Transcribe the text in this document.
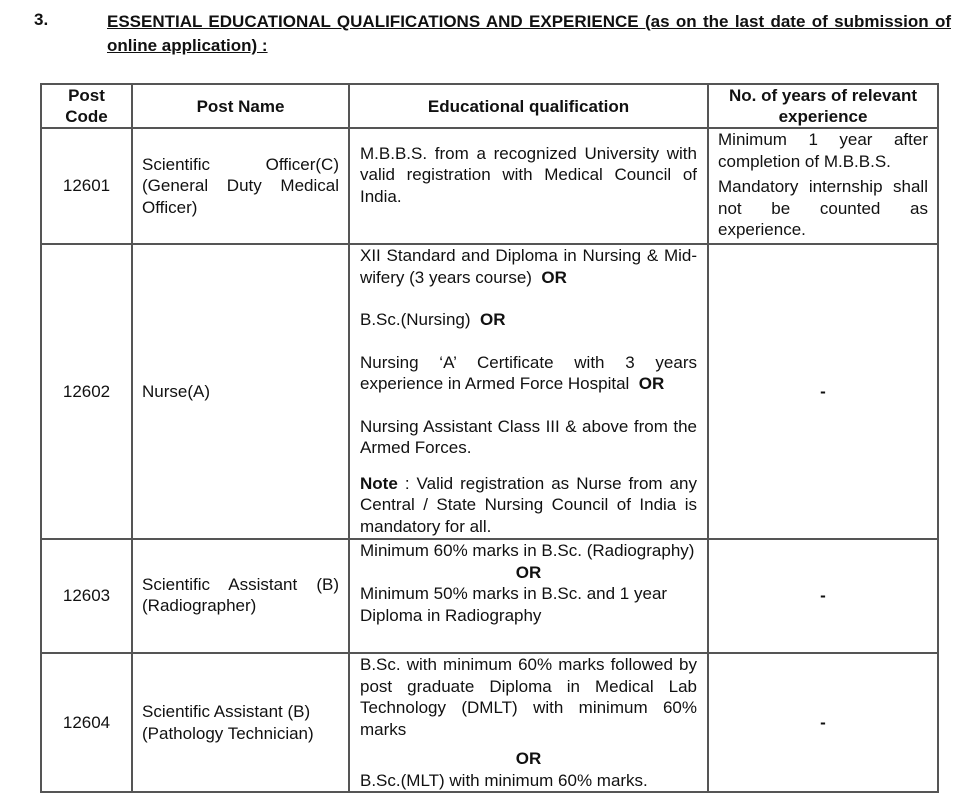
3.	ESSENTIAL EDUCATIONAL QUALIFICATIONS AND EXPERIENCE (as on the last date of submission of online application) :
Post Code	Post Name	Educational qualification	No. of years of relevant experience
12601	Scientific Officer(C) (General Duty Medical Officer)	M.B.B.S. from a recognized University with valid registration with Medical Council of India.	Minimum 1 year after completion of M.B.B.S.

Mandatory internship shall not be counted as experience.

12602	Nurse(A)	XII Standard and Diploma in Nursing & Mid-wifery (3 years course) OR

B.Sc.(Nursing) OR

Nursing ‘A’ Certificate with 3 years experience in Armed Force Hospital OR

Nursing Assistant Class III & above from the Armed Forces.

Note : Valid registration as Nurse from any Central / State Nursing Council of India is mandatory for all.	-
12603	Scientific Assistant (B) (Radiographer)	Minimum 60% marks in B.Sc. (Radiography)

OR

Minimum 50% marks in B.Sc. and 1 year Diploma in Radiography	-
12604	Scientific Assistant (B) (Pathology Technician)	B.Sc. with minimum 60% marks followed by post graduate Diploma in Medical Lab Technology (DMLT) with minimum 60% marks

OR

B.Sc.(MLT) with minimum 60% marks.	-
